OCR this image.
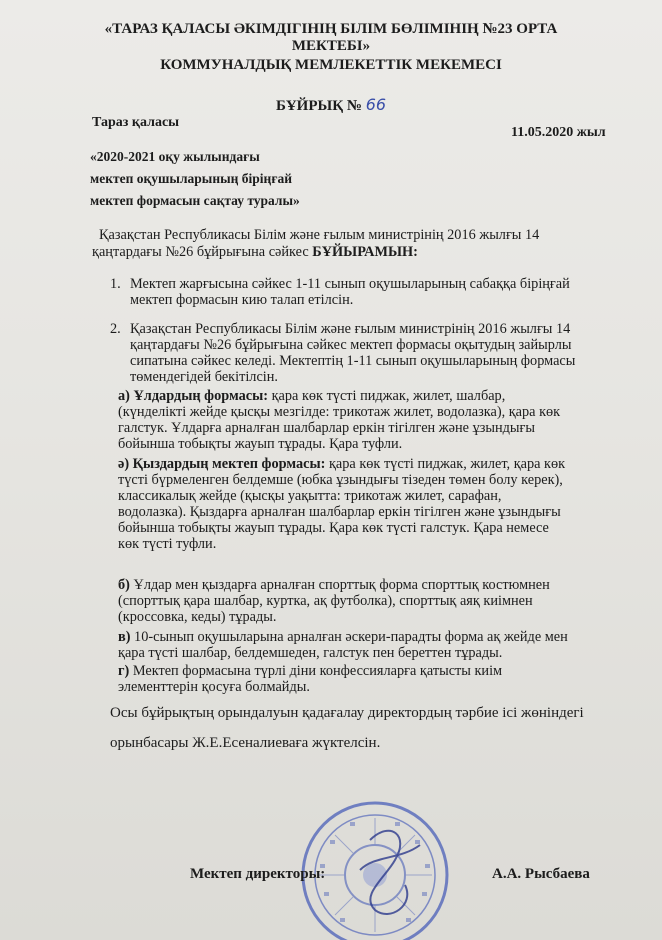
«ТАРАЗ ҚАЛАСЫ ӘКІМДІГІНІҢ БІЛІМ БӨЛІМІНІҢ №23 ОРТА
МЕКТЕБІ»
КОММУНАЛДЫҚ МЕМЛЕКЕТТІК МЕКЕМЕСІ
БҰЙРЫҚ № 66
Тараз қаласы
11.05.2020 жыл
«2020-2021 оқу жылындағы
мектеп оқушыларының біріңғай
мектеп формасын сақтау туралы»
Қазақстан Республикасы Білім және ғылым министрінің 2016 жылғы 14
қаңтардағы №26 бұйрығына сәйкес БҰЙЫРАМЫН:
1. Мектеп жарғысына сәйкес 1-11 сынып оқушыларының сабаққа біріңғай
мектеп формасын кию талап етілсін.
2. Қазақстан Республикасы Білім және ғылым министрінің 2016 жылғы 14
қаңтардағы №26 бұйрығына сәйкес мектеп формасы оқытудың зайырлы
сипатына сәйкес келеді. Мектептің 1-11 сынып оқушыларының формасы
төмендегідей бекітілсін.
а) Ұлдардың формасы: қара көк түсті пиджак, жилет, шалбар,
(күнделікті жейде қысқы мезгілде: трикотаж жилет, водолазка), қара көк
галстук. Ұлдарға арналған шалбарлар еркін тігілген және ұзындығы
бойынша тобықты жауып тұрады. Қара туфли.
ә) Қыздардың мектеп формасы: қара көк түсті пиджак, жилет, қара көк
түсті бүрмеленген белдемше (юбка ұзындығы тізеден төмен болу керек),
классикалық жейде (қысқы уақытта: трикотаж жилет, сарафан,
водолазка). Қыздарға арналған шалбарлар еркін тігілген және ұзындығы
бойынша тобықты жауып тұрады. Қара көк түсті галстук. Қара немесе
көк түсті туфли.
б) Ұлдар мен қыздарға арналған спорттық форма спорттық костюмнен
(спорттық қара шалбар, куртка, ақ футболка), спорттық аяқ киімнен
(кроссовка, кеды) тұрады.
в) 10-сынып оқушыларына арналған әскери-парадты форма ақ жейде мен
қара түсті шалбар, белдемшеден, галстук пен береттен тұрады.
г) Мектеп формасына түрлі діни конфессияларға қатысты киім
элементтерін қосуға болмайды.
Осы бұйрықтың орындалуын қадағалау директордың тәрбие ісі жөніндегі
орынбасары Ж.Е.Есеналиеваға жүктелсін.
Мектеп директоры:	А.А. Рысбаева
